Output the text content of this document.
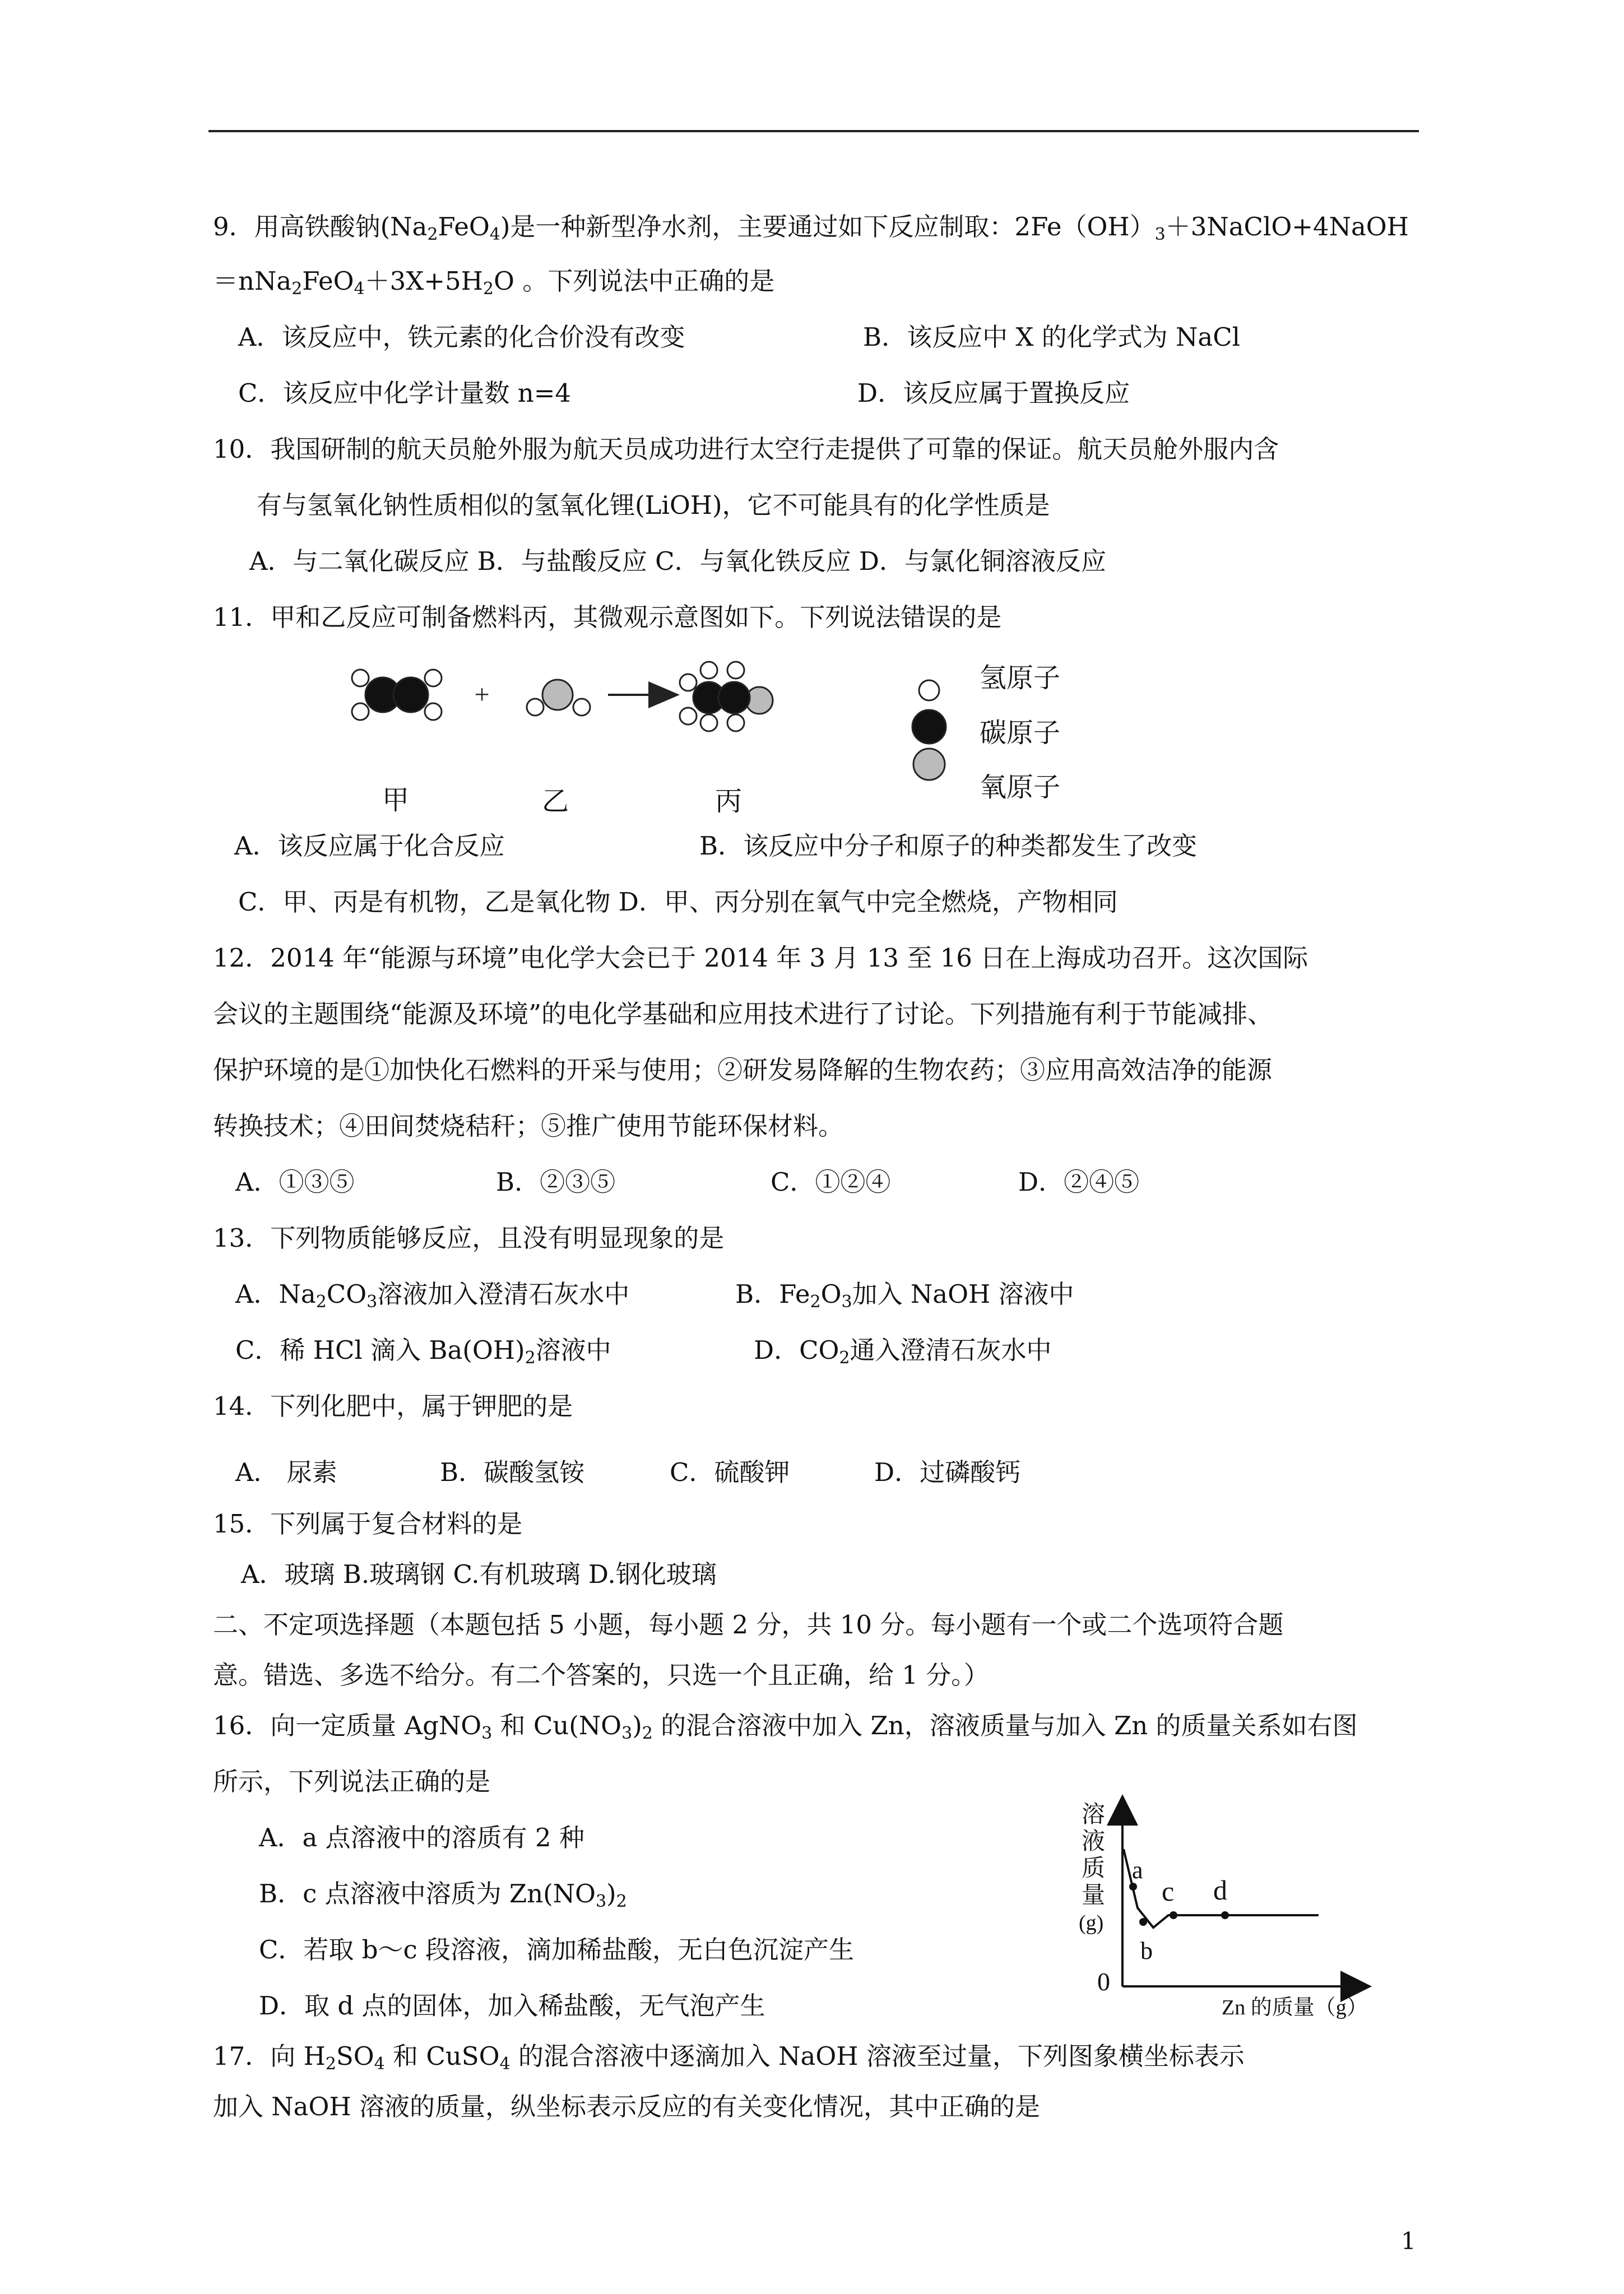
9．用高铁酸钠$(Na_2FeO_4)$是一种新型净水剂，主要通过如下反应制取：$2Fe(OH)_3+3NaClO+4NaOH$
$=nNa_2FeO_4+3X+5H_2O$ 。下列说法中正确的是
A．该反应中，铁元素的化合价没有改变	B．该反应中 X 的化学式为 NaCl
C．该反应中化学计量数 n=4	D．该反应属于置换反应
10．我国研制的航天员舱外服为航天员成功进行太空行走提供了可靠的保证。航天员舱外服内含
有与氢氧化钠性质相似的氢氧化锂(LiOH)，它不可能具有的化学性质是
A．与二氧化碳反应 B．与盐酸反应 C．与氧化铁反应 D．与氯化铜溶液反应
11．甲和乙反应可制备燃料丙，其微观示意图如下。下列说法错误的是
+
氢原子
碳原子
氧原子
甲	乙	丙
A．该反应属于化合反应	B．该反应中分子和原子的种类都发生了改变
C．甲、丙是有机物，乙是氧化物 D．甲、丙分别在氧气中完全燃烧，产物相同
12．2014 年“能源与环境”电化学大会已于 2014 年 3 月 13 至 16 日在上海成功召开。这次国际
会议的主题围绕“能源及环境”的电化学基础和应用技术进行了讨论。下列措施有利于节能减排、
保护环境的是①加快化石燃料的开采与使用；②研发易降解的生物农药；③应用高效洁净的能源
转换技术；④田间焚烧秸秆；⑤推广使用节能环保材料。
A．①③⑤	B．②③⑤	C．①②④	D．②④⑤
13．下列物质能够反应，且没有明显现象的是
A．$Na_2CO_3$溶液加入澄清石灰水中	B．$Fe_2O_3$加入 NaOH 溶液中
C．稀 HCl 滴入 $Ba(OH)_2$溶液中	D．$CO_2$通入澄清石灰水中
14．下列化肥中，属于钾肥的是
A． 尿素	B．碳酸氢铵	C．硫酸钾	D．过磷酸钙
15．下列属于复合材料的是
A．玻璃 B.玻璃钢 C.有机玻璃 D.钢化玻璃
二、不定项选择题（本题包括 5 小题，每小题 2 分，共 10 分。每小题有一个或二个选项符合题
意。错选、多选不给分。有二个答案的，只选一个且正确，给 1 分。）
16．向一定质量 AgNO$_3$ 和 $Cu(NO_3)_2$ 的混合溶液中加入 Zn，溶液质量与加入 Zn 的质量关系如右图
所示，下列说法正确的是
A．a 点溶液中的溶质有 2 种
B．c 点溶液中溶质为 $Zn(NO_3)_2$
C．若取 b～c 段溶液，滴加稀盐酸，无白色沉淀产生
D．取 d 点的固体，加入稀盐酸，无气泡产生
溶
液
质
量
(g)
0
Zn 的质量（g）
a
b
c d
17．向 $H_2SO_4$ 和 CuSO$_4$ 的混合溶液中逐滴加入 NaOH 溶液至过量，下列图象横坐标表示
加入 NaOH 溶液的质量，纵坐标表示反应的有关变化情况，其中正确的是
1
